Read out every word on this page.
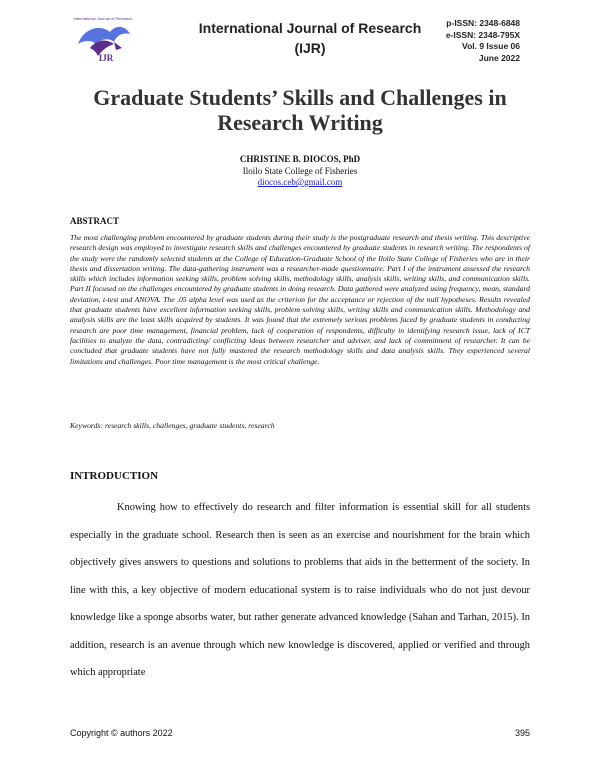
International Journal of Research
IJR
International Journal of Research
(IJR)
p-ISSN: 2348-6848
e-ISSN: 2348-795X
Vol. 9 Issue 06
June 2022
Graduate Students’ Skills and Challenges in
Research Writing
CHRISTINE B. DIOCOS, PhD
Iloilo State College of Fisheries
diocos.ceb@gmail.com
ABSTRACT
The most challenging problem encountered by graduate students during their study is the postgraduate research and thesis writing. This descriptive research design was employed to investigate research skills and challenges encountered by graduate students in research writing. The respondents of the study were the randomly selected students at the College of Education-Graduate School of the Iloilo State College of Fisheries who are in their thesis and dissertation writing. The data-gathering instrument was a researcher-made questionnaire. Part I of the instrument assessed the research skills which includes information seeking skills, problem solving skills, methodology skills, analysis skills, writing skills, and communication skills. Part II focused on the challenges encountered by graduate students in doing research. Data gathered were analyzed using frequency, mean, standard deviation, t-test and ANOVA. The .05 alpha level was used as the criterion for the acceptance or rejection of the null hypotheses. Results revealed that graduate students have excellent information seeking skills, problem solving skills, writing skills and communication skills. Methodology and analysis skills are the least skills acquired by students. It was found that the extremely serious problems faced by graduate students in conducting research are poor time management, financial problem, lack of cooperation of respondents, difficulty in identifying research issue, lack of ICT facilities to analyze the data, contradicting/ conflicting ideas between researcher and adviser, and lack of commitment of researcher. It can be concluded that graduate students have not fully mastered the research methodology skills and data analysis skills. They experienced several limitations and challenges. Poor time management is the most critical challenge.
Keywords: research skills, challenges, graduate students, research
INTRODUCTION
Knowing how to effectively do research and filter information is essential skill for all students especially in the graduate school. Research then is seen as an exercise and nourishment for the brain which objectively gives answers to questions and solutions to problems that aids in the betterment of the society. In line with this, a key objective of modern educational system is to raise individuals who do not just devour knowledge like a sponge absorbs water, but rather generate advanced knowledge (Sahan and Tarhan, 2015). In addition, research is an avenue through which new knowledge is discovered, applied or verified and through which appropriate
Copyright © authors 2022	395
